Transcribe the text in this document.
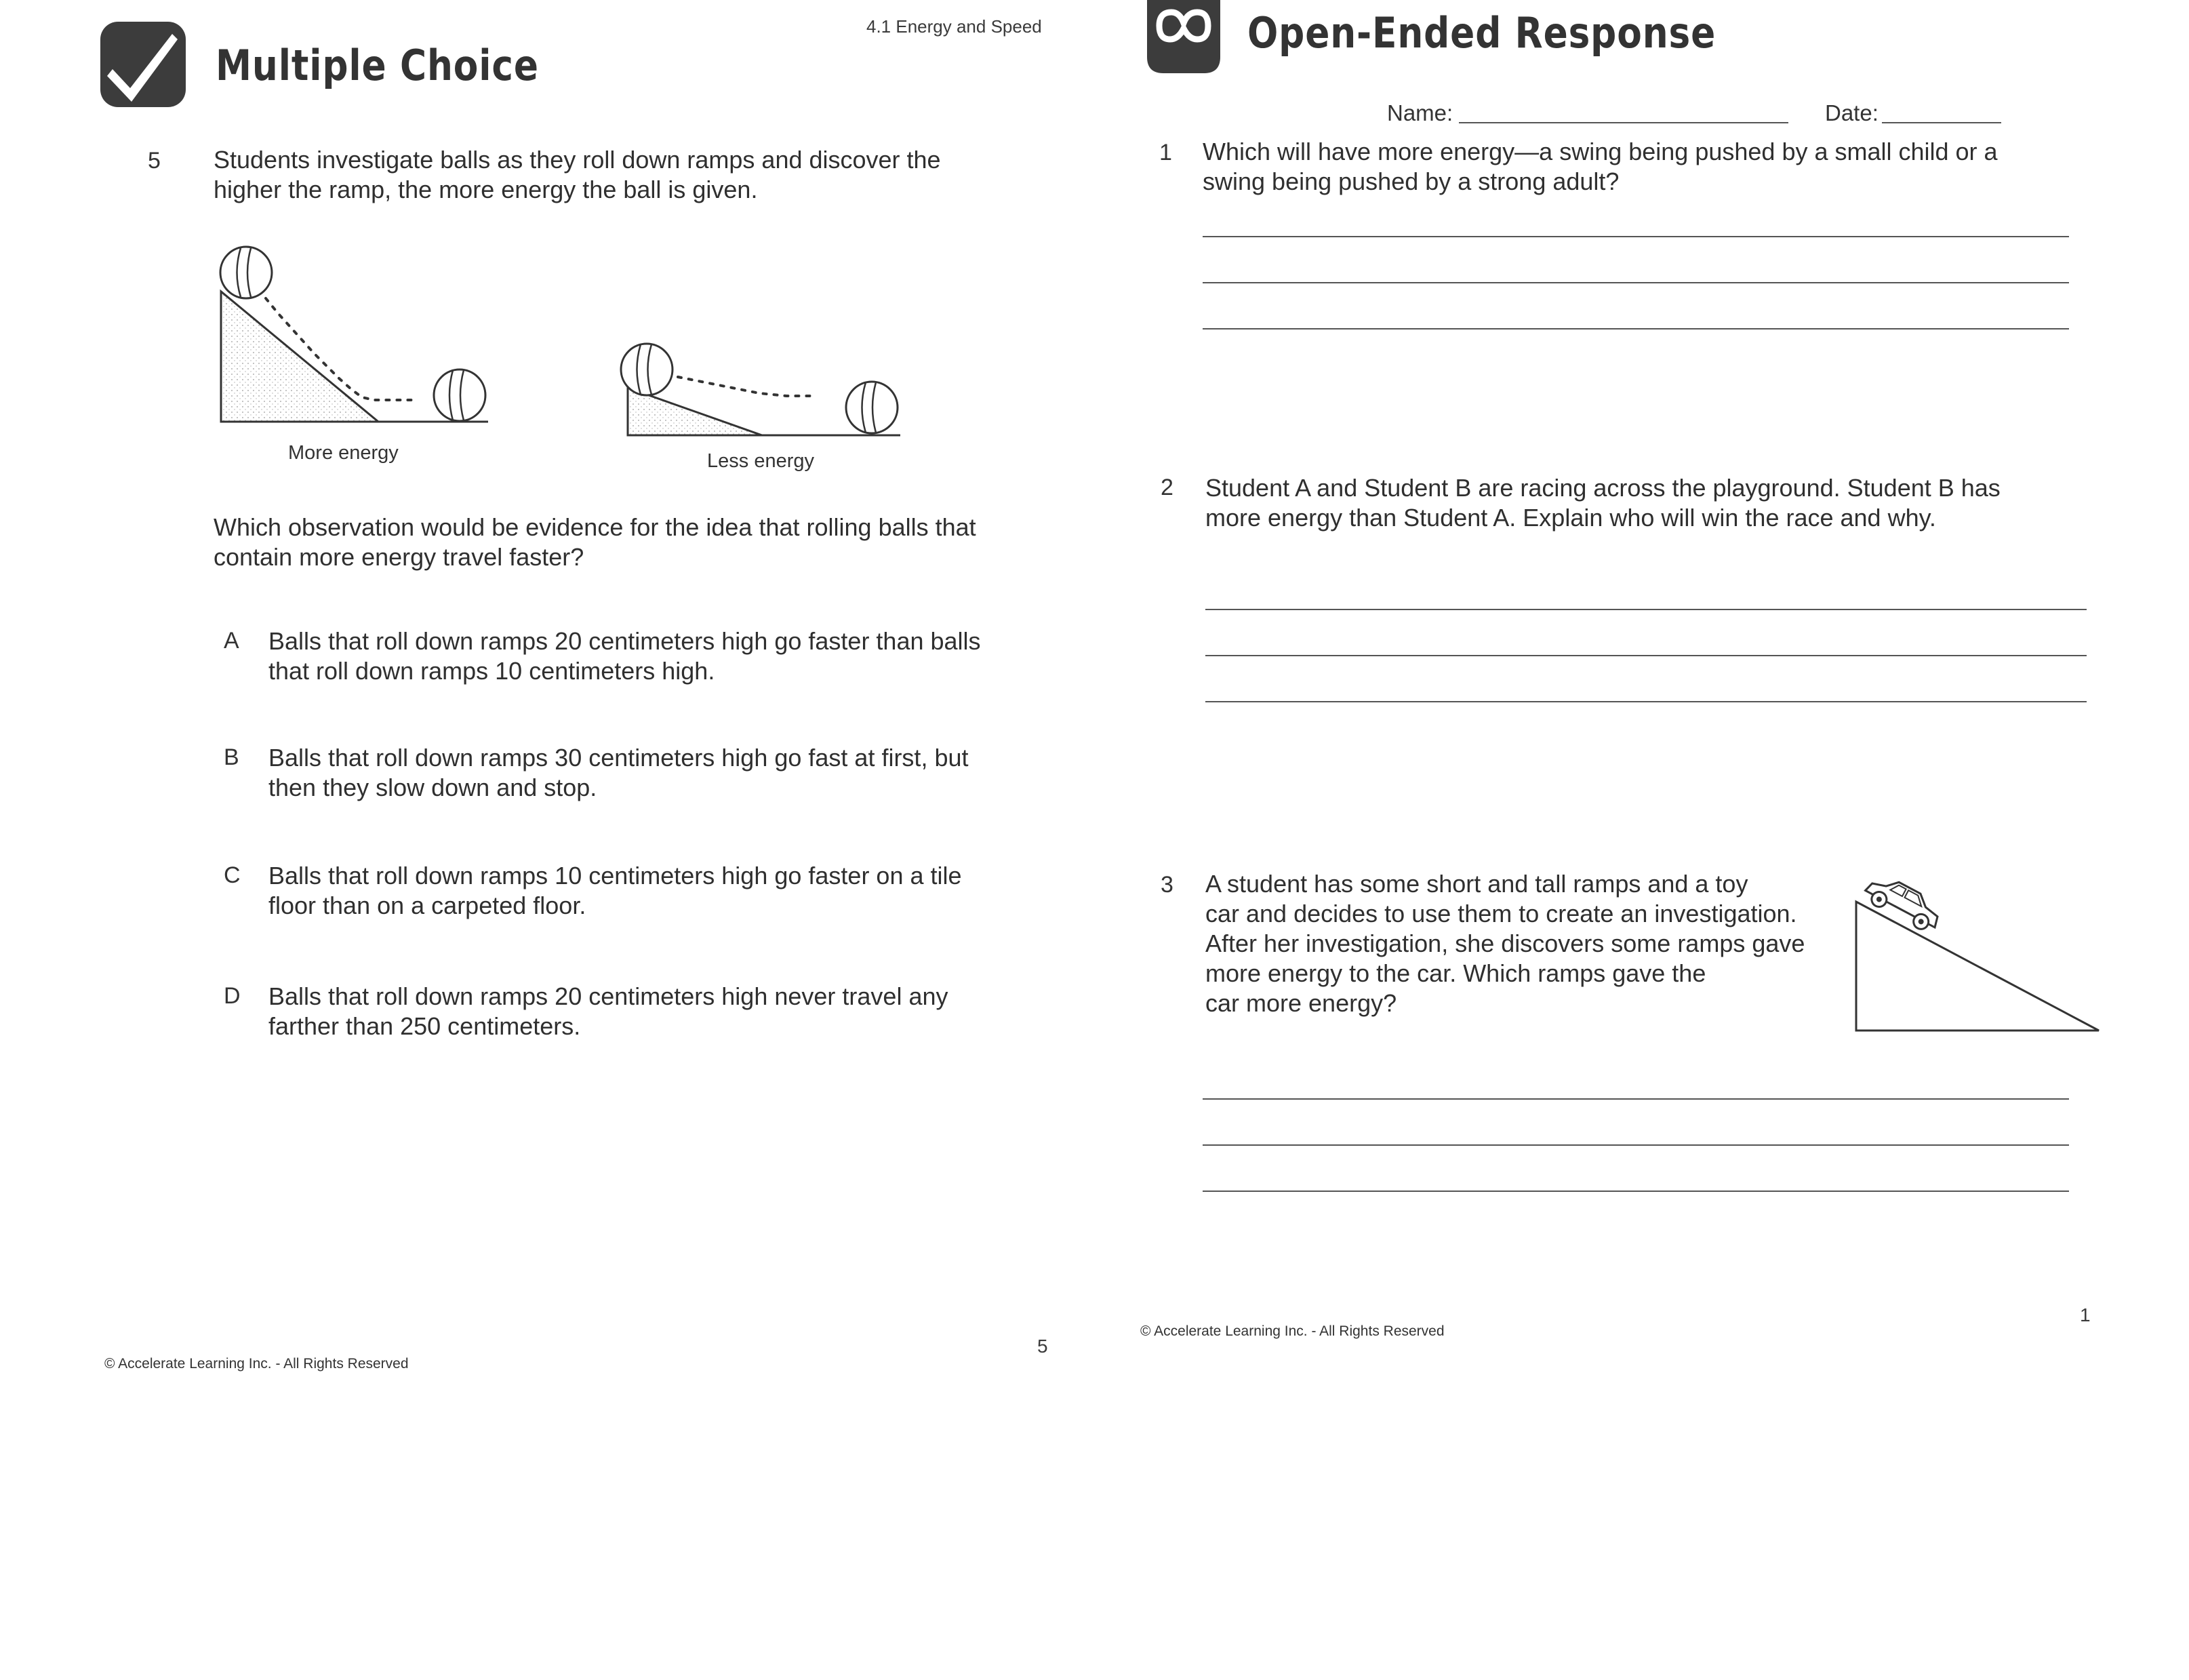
Multiple Choice
4.1 Energy and Speed
5 Students investigate balls as they roll down ramps and discover the
higher the ramp, the more energy the ball is given.
More energy	Less energy
Which observation would be evidence for the idea that rolling balls that
contain more energy travel faster?
A Balls that roll down ramps 20 centimeters high go faster than balls
that roll down ramps 10 centimeters high.
B Balls that roll down ramps 30 centimeters high go fast at first, but
then they slow down and stop.
C Balls that roll down ramps 10 centimeters high go faster on a tile
floor than on a carpeted floor.
D Balls that roll down ramps 20 centimeters high never travel any
farther than 250 centimeters.
5
© Accelerate Learning Inc. - All Rights Reserved
Open-Ended Response
Name:	Date:
1 Which will have more energy—a swing being pushed by a small child or a
swing being pushed by a strong adult?
2 Student A and Student B are racing across the playground. Student B has
more energy than Student A. Explain who will win the race and why.
3 A student has some short and tall ramps and a toy
car and decides to use them to create an investigation.
After her investigation, she discovers some ramps gave
more energy to the car. Which ramps gave the
car more energy?
1
© Accelerate Learning Inc. - All Rights Reserved
